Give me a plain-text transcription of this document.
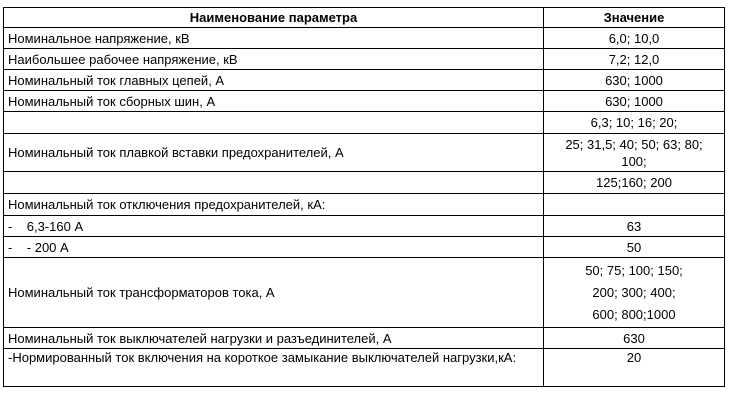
Наименование параметра	Значение
Номинальное напряжение, кВ	6,0; 10,0

Наибольшее рабочее напряжение, кВ	7,2; 12,0

Номинальный ток главных цепей, А	630; 1000

Номинальный ток сборных шин, А	630; 1000

	6,3; 10; 16; 20;

Номинальный ток плавкой вставки предохранителей, А	25; 31,5; 40; 50; 63; 80;
100;

	125;160; 200

Номинальный ток отключения предохранителей, кА:	

-    6,3-160 А	63

-    - 200 А	50

Номинальный ток трансформаторов тока, А	50; 75; 100; 150;
200; 300; 400;
600; 800;1000

Номинальный ток выключателей нагрузки и разъединителей, А	630

-Нормированный ток включения на короткое замыкание выключателей нагрузки,кА:	20
